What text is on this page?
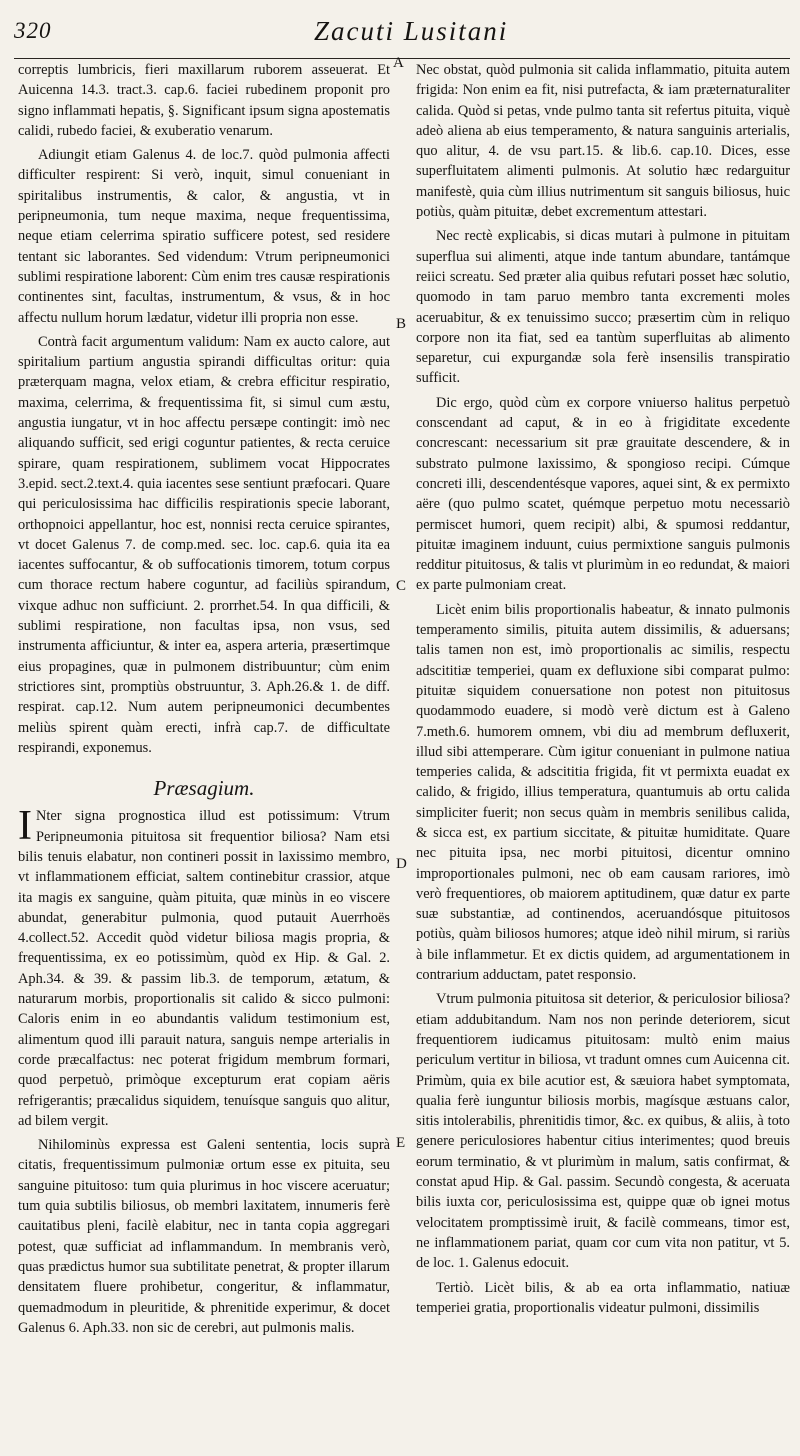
320	Zacuti Lusitani
A
B
C
D
E

correptis lumbricis, fieri maxillarum ruborem asseuerat. Et Auicenna 14.3. tract.3. cap.6. faciei rubedinem proponit pro signo inflammati hepatis, §. Significant ipsum signa apostematis calidi, rubedo faciei, & exuberatio venarum.

Adiungit etiam Galenus 4. de loc.7. quòd pulmonia affecti difficulter respirent: Si verò, inquit, simul conueniant in spiritalibus instrumentis, & calor, & angustia, vt in peripneumonia, tum neque maxima, neque frequentissima, neque etiam celerrima spiratio sufficere potest, sed residere tentant sic laborantes. Sed videndum: Vtrum peripneumonici sublimi respiratione laborent: Cùm enim tres causæ respirationis continentes sint, facultas, instrumentum, & vsus, & in hoc affectu nullum horum lædatur, videtur illi propria non esse.

Contrà facit argumentum validum: Nam ex aucto calore, aut spiritalium partium angustia spirandi difficultas oritur: quia præterquam magna, velox etiam, & crebra efficitur respiratio, maxima, celerrima, & frequentissima fit, si simul cum æstu, angustia iungatur, vt in hoc affectu persæpe contingit: imò nec aliquando sufficit, sed erigi coguntur patientes, & recta ceruice spirare, quam respirationem, sublimem vocat Hippocrates 3.epid. sect.2.text.4. quia iacentes sese sentiunt præfocari. Quare qui periculosissima hac difficilis respirationis specie laborant, orthopnoici appellantur, hoc est, nonnisi recta ceruice spirantes, vt docet Galenus 7. de comp.med. sec. loc. cap.6. quia ita ea iacentes suffocantur, & ob suffocationis timorem, totum corpus cum thorace rectum habere coguntur, ad faciliùs spirandum, vixque adhuc non sufficiunt. 2. prorrhet.54. In qua difficili, & sublimi respiratione, non facultas ipsa, non vsus, sed instrumenta afficiuntur, & inter ea, aspera arteria, præsertimque eius propagines, quæ in pulmonem distribuuntur; cùm enim strictiores sint, promptiùs obstruuntur, 3. Aph.26.& 1. de diff. respirat. cap.12. Num autem peripneumonici decumbentes meliùs spirent quàm erecti, infrà cap.7. de difficultate respirandi, exponemus.

Præsagium.

I Nter signa prognostica illud est potissimum: Vtrum Peripneumonia pituitosa sit frequentior biliosa? Nam etsi bilis tenuis elabatur, non contineri possit in laxissimo membro, vt inflammationem efficiat, saltem continebitur crassior, atque ita magis ex sanguine, quàm pituita, quæ minùs in eo viscere abundat, generabitur pulmonia, quod putauit Auerrhoës 4.collect.52. Accedit quòd videtur biliosa magis propria, & frequentissima, ex eo potissimùm, quòd ex Hip. & Gal. 2. Aph.34. & 39. & passim lib.3. de temporum, ætatum, & naturarum morbis, proportionalis sit calido & sicco pulmoni: Caloris enim in eo abundantis validum testimonium est, alimentum quod illi parauit natura, sanguis nempe arterialis in corde præcalfactus: nec poterat frigidum membrum formari, quod perpetuò, primòque excepturum erat copiam aëris refrigerantis; præcalidus siquidem, tenuísque sanguis quo alitur, ad bilem vergit.

Nihilominùs expressa est Galeni sententia, locis suprà citatis, frequentissimum pulmoniæ ortum esse ex pituita, seu sanguine pituitoso: tum quia plurimus in hoc viscere aceruatur; tum quia subtilis biliosus, ob membri laxitatem, innumeris ferè cauitatibus pleni, facilè elabitur, nec in tanta copia aggregari potest, quæ sufficiat ad inflammandum. In membranis verò, quas prædictus humor sua subtilitate penetrat, & propter illarum densitatem fluere prohibetur, congeritur, & inflammatur, quemadmodum in pleuritide, & phrenitide experimur, & docet Galenus 6. Aph.33. non sic de cerebri, aut pulmonis malis.

Nec obstat, quòd pulmonia sit calida inflammatio, pituita autem frigida: Non enim ea fit, nisi putrefacta, & iam præternaturaliter calida. Quòd si petas, vnde pulmo tanta sit refertus pituita, viquè adeò aliena ab eius temperamento, & natura sanguinis arterialis, quo alitur, 4. de vsu part.15. & lib.6. cap.10. Dices, esse superfluitatem alimenti pulmonis. At solutio hæc redarguitur manifestè, quia cùm illius nutrimentum sit sanguis biliosus, huic potiùs, quàm pituitæ, debet excrementum attestari.

Nec rectè explicabis, si dicas mutari à pulmone in pituitam superflua sui alimenti, atque inde tantum abundare, tantámque reiici screatu. Sed præter alia quibus refutari posset hæc solutio, quomodo in tam paruo membro tanta excrementi moles aceruabitur, & ex tenuissimo succo; præsertim cùm in reliquo corpore non ita fiat, sed ea tantùm superfluitas ab alimento separetur, cui expurgandæ sola ferè insensilis transpiratio sufficit.

Dic ergo, quòd cùm ex corpore vniuerso halitus perpetuò conscendant ad caput, & in eo à frigiditate excedente concrescant: necessarium sit præ grauitate descendere, & in substrato pulmone laxissimo, & spongioso recipi. Cúmque concreti illi, descendentésque vapores, aquei sint, & ex permixto aëre (quo pulmo scatet, quémque perpetuo motu necessariò permiscet humori, quem recipit) albi, & spumosi reddantur, pituitæ imaginem induunt, cuius permixtione sanguis pulmonis redditur pituitosus, & talis vt plurimùm in eo redundat, & maiori ex parte pulmoniam creat.

Licèt enim bilis proportionalis habeatur, & innato pulmonis temperamento similis, pituita autem dissimilis, & aduersans; talis tamen non est, imò proportionalis ac similis, respectu adscititiæ temperiei, quam ex defluxione sibi comparat pulmo: pituitæ siquidem conuersatione non potest non pituitosus quodammodo euadere, si modò verè dictum est à Galeno 7.meth.6. humorem omnem, vbi diu ad membrum defluxerit, illud sibi attemperare. Cùm igitur conueniant in pulmone natiua temperies calida, & adscititia frigida, fit vt permixta euadat ex calido, & frigido, illius temperatura, quantumuis ab ortu calida simpliciter fuerit; non secus quàm in membris senilibus calida, & sicca est, ex partium siccitate, & pituitæ humiditate. Quare nec pituita ipsa, nec morbi pituitosi, dicentur omnino improportionales pulmoni, nec ob eam causam rariores, imò verò frequentiores, ob maiorem aptitudinem, quæ datur ex parte suæ substantiæ, ad continendos, aceruandósque pituitosos potiùs, quàm biliosos humores; atque ideò nihil mirum, si rariùs à bile inflammetur. Et ex dictis quidem, ad argumentationem in contrarium adductam, patet responsio.

Vtrum pulmonia pituitosa sit deterior, & periculosior biliosa? etiam addubitandum. Nam nos non perinde deteriorem, sicut frequentiorem iudicamus pituitosam: multò enim maius periculum vertitur in biliosa, vt tradunt omnes cum Auicenna cit. Primùm, quia ex bile acutior est, & sæuiora habet symptomata, qualia ferè iunguntur biliosis morbis, magísque æstuans calor, sitis intolerabilis, phrenitidis timor, &c. ex quibus, & aliis, à toto genere periculosiores habentur citius interimentes; quod breuis eorum terminatio, & vt plurimùm in malum, satis confirmat, & constat apud Hip. & Gal. passim. Secundò congesta, & aceruata bilis iuxta cor, periculosissima est, quippe quæ ob ignei motus velocitatem promptissimè iruit, & facilè commeans, timor est, ne inflammationem pariat, quam cor cum vita non patitur, vt 5. de loc. 1. Galenus edocuit.

Tertiò. Licèt bilis, & ab ea orta inflammatio, natiuæ temperiei gratia, proportionalis videatur pulmoni, dissimilis
